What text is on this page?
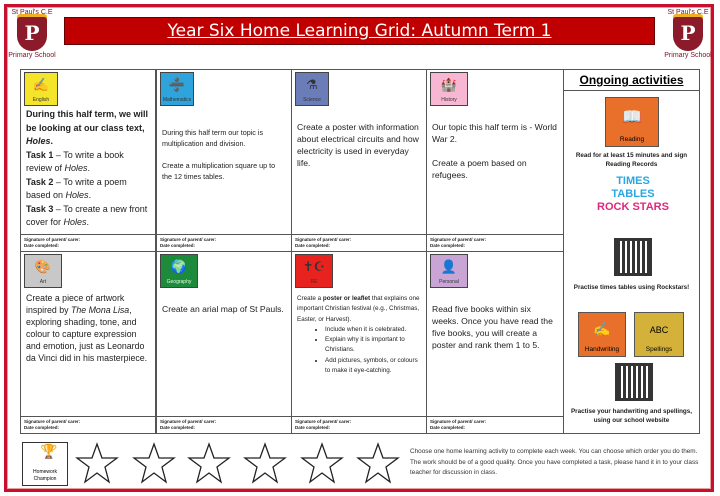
St Paul's C.E
P
Primary School
St Paul's C.E
P
Primary School
Year Six Home Learning Grid: Autumn Term 1
✍
English
During this half term, we will be looking at our class text, Holes.
Task 1 – To write a book review of Holes.
Task 2 – To write a poem based on Holes.
Task 3 – To create a new front cover for Holes.
Signature of parent/ carer:
Date completed:
➗
Mathematics
During this half term our topic is multiplication and division.

Create a multiplication square up to the 12 times tables.
Signature of parent/ carer:
Date completed:
⚗
Science
Create a poster with information about electrical circuits and how electricity is used in everyday life.
Signature of parent/ carer:
Date completed:
🏰
History
Our topic this half term is - World War 2.

Create a poem based on refugees.
Signature of parent/ carer:
Date completed:
🎨
Art
Create a piece of artwork inspired by The Mona Lisa, exploring shading, tone, and colour to capture expression and emotion, just as Leonardo da Vinci did in his masterpiece.
Signature of parent/ carer:
Date completed:
🌍
Geography
Create an arial map of St Pauls.
Signature of parent/ carer:
Date completed:
✝☪
RE
Create a poster or leaflet that explains one important Christian festival (e.g., Christmas, Easter, or Harvest).
• Include when it is celebrated.
• Explain why it is important to Christians.
• Add pictures, symbols, or colours to make it eye-catching.
Signature of parent/ carer:
Date completed:
👤
Personal
Read five books within six weeks. Once you have read the five books, you will create a poster and rank them 1 to 5.
Signature of parent/ carer:
Date completed:
Ongoing activities
📖
Reading
Read for at least 15 minutes and sign Reading Records
TIMES
TABLES
ROCK STARS
Practise times tables using Rockstars!
✍
Handwriting
ABC
Spellings
Practise your handwriting and spellings, using our school website
🏆
Homework Champion
Choose one home learning activity to complete each week. You can choose which order you do them. The work should be of a good quality. Once you have completed a task, please hand it in to your class teacher for discussion in class.
